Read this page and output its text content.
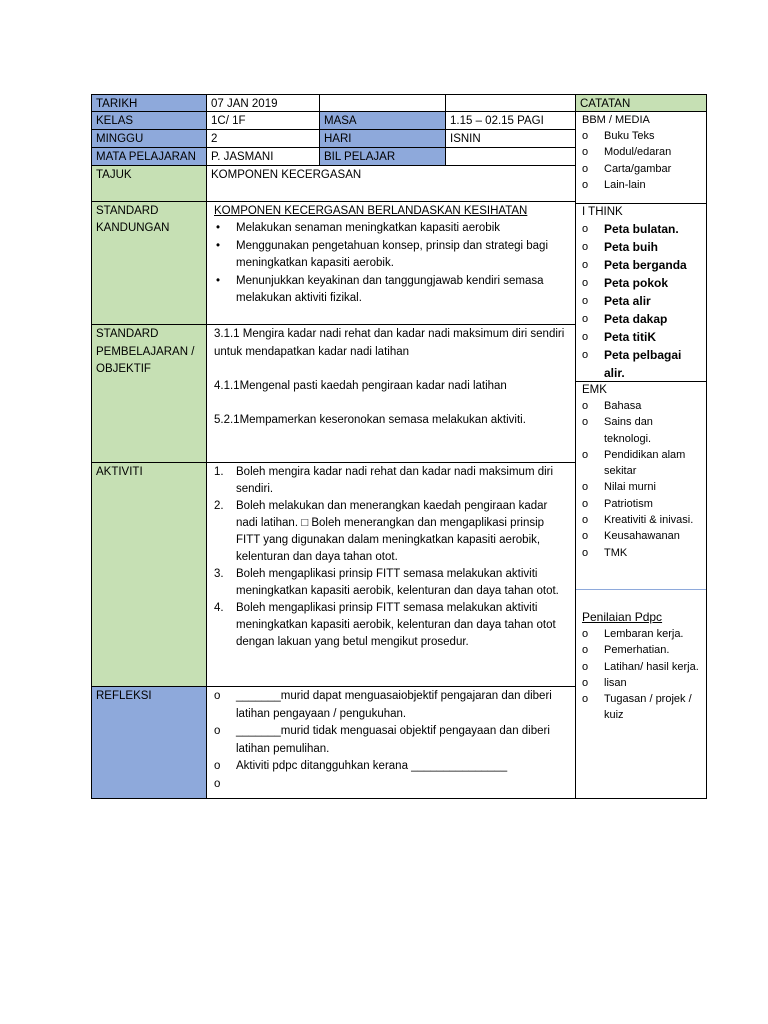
TARIKH	07 JAN 2019
KELAS	1C/ 1F	MASA	1.15 – 02.15 PAGI
MINGGU	2	HARI	ISNIN
MATA PELAJARAN	P. JASMANI	BIL PELAJAR
TAJUK	KOMPONEN KECERGASAN
STANDARD KANDUNGAN
KOMPONEN KECERGASAN BERLANDASKAN KESIHATAN
• Melakukan senaman meningkatkan kapasiti aerobik
• Menggunakan pengetahuan konsep, prinsip dan strategi bagi meningkatkan kapasiti aerobik.
• Menunjukkan keyakinan dan tanggungjawab kendiri semasa melakukan aktiviti fizikal.
STANDARD PEMBELAJARAN / OBJEKTIF
3.1.1 Mengira kadar nadi rehat dan kadar nadi maksimum diri sendiri untuk mendapatkan kadar nadi latihan
4.1.1Mengenal pasti kaedah pengiraan kadar nadi latihan
5.2.1Mempamerkan keseronokan semasa melakukan aktiviti.
AKTIVITI	1. Boleh mengira kadar nadi rehat dan kadar nadi maksimum diri sendiri.
2. Boleh melakukan dan menerangkan kaedah pengiraan kadar nadi latihan. □ Boleh menerangkan dan mengaplikasi prinsip FITT yang digunakan dalam meningkatkan kapasiti aerobik, kelenturan dan daya tahan otot.
3. Boleh mengaplikasi prinsip FITT semasa melakukan aktiviti meningkatkan kapasiti aerobik, kelenturan dan daya tahan otot.
4. Boleh mengaplikasi prinsip FITT semasa melakukan aktiviti meningkatkan kapasiti aerobik, kelenturan dan daya tahan otot dengan lakuan yang betul mengikut prosedur.
REFLEKSI
o	_______murid dapat menguasaiobjektif pengajaran dan diberi latihan pengayaan / pengukuhan.
o _______murid tidak menguasai objektif pengayaan dan diberi latihan pemulihan.
o Aktiviti pdpc ditangguhkan kerana _______________
o
CATATAN
BBM / MEDIA
o Buku Teks
o Modul/edaran
o Carta/gambar
o Lain-lain
I THINK
o Peta bulatan.
o Peta buih
o Peta berganda
o Peta pokok
o Peta alir
o Peta dakap
o Peta titiK
o Peta pelbagai alir.
EMK
o Bahasa
o Sains dan teknologi.
o Pendidikan alam sekitar
o Nilai murni
o Patriotism
o Kreativiti & inivasi.
o Keusahawanan
o TMK
Penilaian Pdpc
o Lembaran kerja.
o Pemerhatian.
o Latihan/ hasil kerja.
o lisan
o Tugasan / projek / kuiz
